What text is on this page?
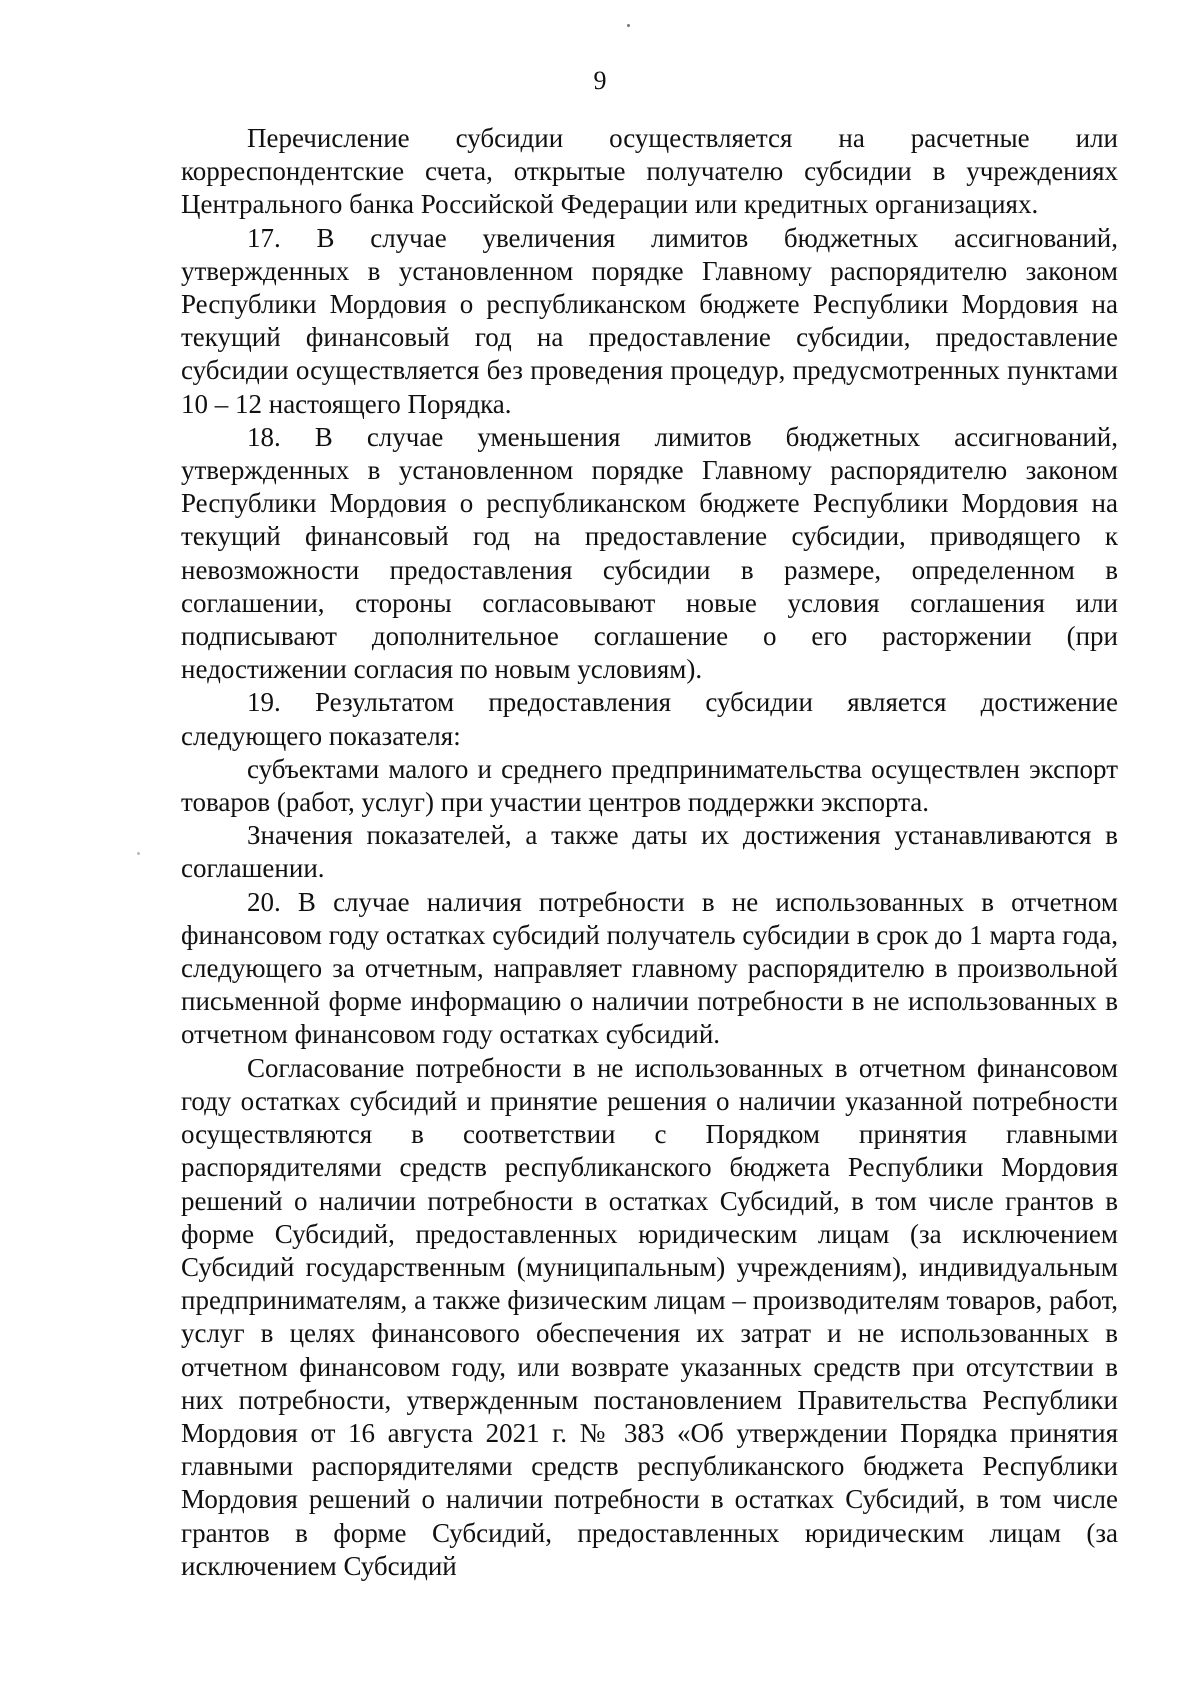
9

Перечисление субсидии осуществляется на расчетные или корреспондентские счета, открытые получателю субсидии в учреждениях Центрального банка Российской Федерации или кредитных организациях.

17. В случае увеличения лимитов бюджетных ассигнований, утвержденных в установленном порядке Главному распорядителю законом Республики Мордовия о республиканском бюджете Республики Мордовия на текущий финансовый год на предоставление субсидии, предоставление субсидии осуществляется без проведения процедур, предусмотренных пунктами 10 – 12 настоящего Порядка.

18. В случае уменьшения лимитов бюджетных ассигнований, утвержденных в установленном порядке Главному распорядителю законом Республики Мордовия о республиканском бюджете Республики Мордовия на текущий финансовый год на предоставление субсидии, приводящего к невозможности предоставления субсидии в размере, определенном в соглашении, стороны согласовывают новые условия соглашения или подписывают дополнительное соглашение о его расторжении (при недостижении согласия по новым условиям).

19. Результатом предоставления субсидии является достижение следующего показателя:

субъектами малого и среднего предпринимательства осуществлен экспорт товаров (работ, услуг) при участии центров поддержки экспорта.

Значения показателей, а также даты их достижения устанавливаются в соглашении.

20. В случае наличия потребности в не использованных в отчетном финансовом году остатках субсидий получатель субсидии в срок до 1 марта года, следующего за отчетным, направляет главному распорядителю в произвольной письменной форме информацию о наличии потребности в не использованных в отчетном финансовом году остатках субсидий.

Согласование потребности в не использованных в отчетном финансовом году остатках субсидий и принятие решения о наличии указанной потребности осуществляются в соответствии с Порядком принятия главными распорядителями средств республиканского бюджета Республики Мордовия решений о наличии потребности в остатках Субсидий, в том числе грантов в форме Субсидий, предоставленных юридическим лицам (за исключением Субсидий государственным (муниципальным) учреждениям), индивидуальным предпринимателям, а также физическим лицам – производителям товаров, работ, услуг в целях финансового обеспечения их затрат и не использованных в отчетном финансовом году, или возврате указанных средств при отсутствии в них потребности, утвержденным постановлением Правительства Республики Мордовия от 16 августа 2021 г. № 383 «Об утверждении Порядка принятия главными распорядителями средств республиканского бюджета Республики Мордовия решений о наличии потребности в остатках Субсидий, в том числе грантов в форме Субсидий, предоставленных юридическим лицам (за исключением Субсидий
